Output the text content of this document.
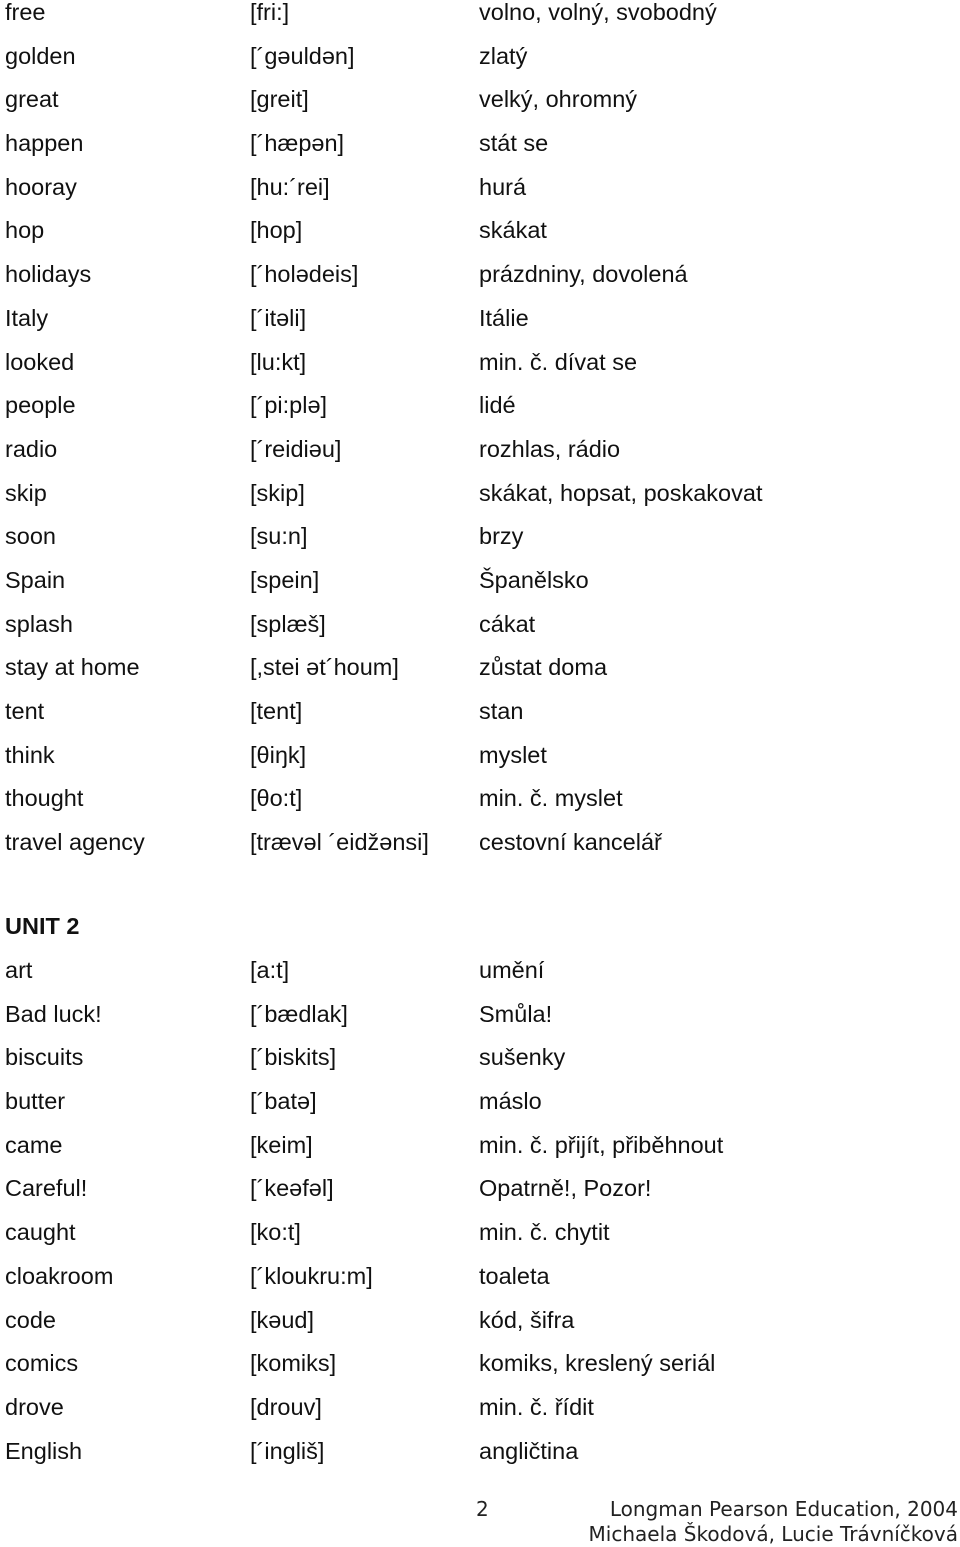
free	[fri:]	volno, volný, svobodný
golden	[´gəuldən]	zlatý
great	[greit]	velký, ohromný
happen	[´hæpən]	stát se
hooray	[hu:´rei]	hurá
hop	[hop]	skákat
holidays	[´holədeis]	prázdniny, dovolená
Italy	[´itəli]	Itálie
looked	[lu:kt]	min. č. dívat se
people	[´pi:plə]	lidé
radio	[´reidiəu]	rozhlas, rádio
skip	[skip]	skákat, hopsat, poskakovat
soon	[su:n]	brzy
Spain	[spein]	Španělsko
splash	[splæš]	cákat
stay at home	[,stei ət´houm]	zůstat doma
tent	[tent]	stan
think	[θiŋk]	myslet
thought	[θo:t]	min. č. myslet
travel agency	[trævəl ´eidžənsi] cestovní kancelář
UNIT 2
art	[a:t]	umění
Bad luck!	[´bædlak]	Smůla!
biscuits	[´biskits]	sušenky
butter	[´batə]	máslo
came	[keim]	min. č. přijít, přiběhnout
Careful!	[´keəfəl]	Opatrně!, Pozor!
caught	[ko:t]	min. č. chytit
cloakroom	[´kloukru:m]	toaleta
code	[kəud]	kód, šifra
comics	[komiks]	komiks, kreslený seriál
drove	[drouv]	min. č. řídit
English	[´ingliš]	angličtina
2	Longman Pearson Education, 2004
Michaela Škodová, Lucie Trávníčková
